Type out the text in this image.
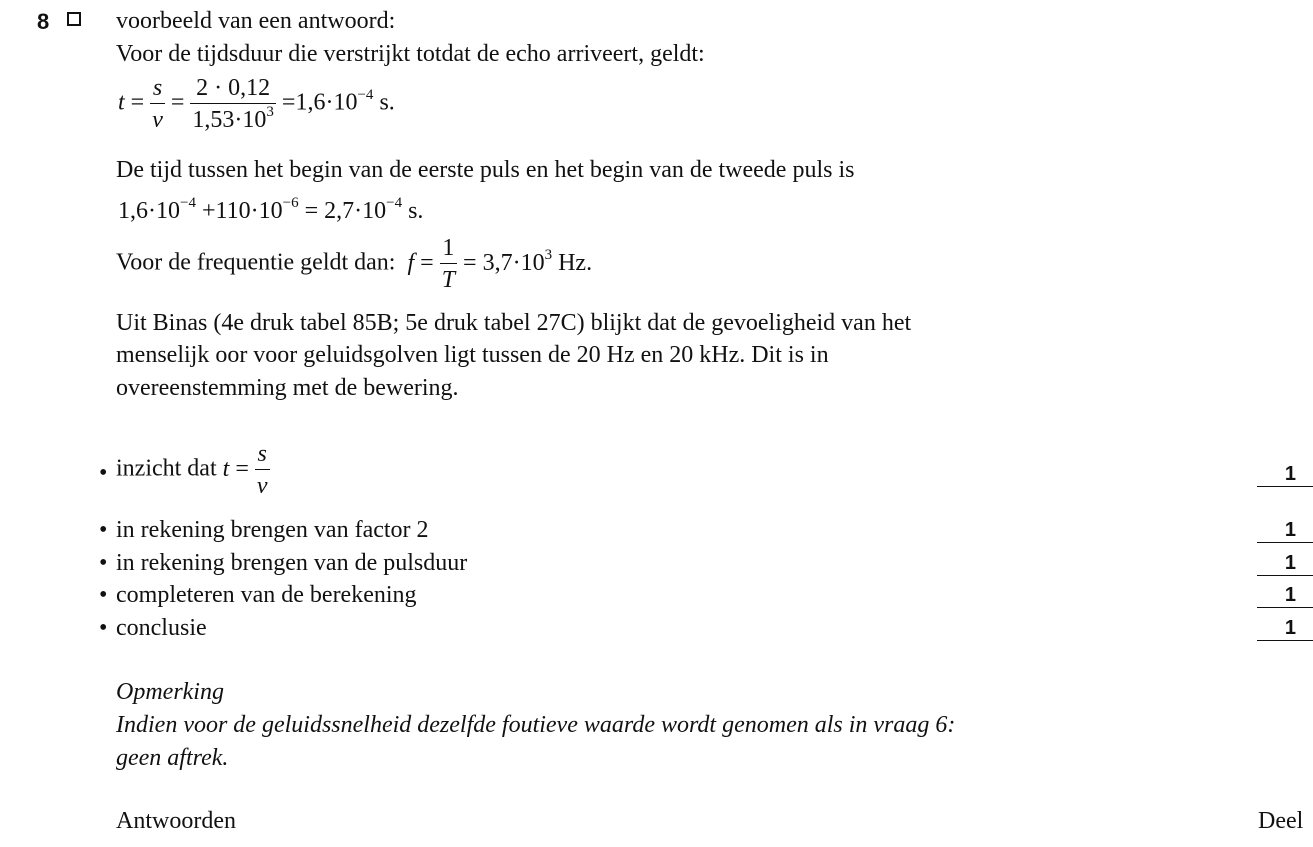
8	voorbeeld van een antwoord:
Voor de tijdsduur die verstrijkt totdat de echo arriveert, geldt:
$t = \frac{s}{v} = \frac{2 \cdot 0,12}{1,53\cdot 10^3} =1,6\cdot 10^{-4}$ s.
De tijd tussen het begin van de eerste puls en het begin van de tweede puls is
$1,6\cdot 10^{-4} +110\cdot 10^{-6} = 2,7\cdot 10^{-4}$ s.
Voor de frequentie geldt dan: $f = \frac{1}{T} = 3,7\cdot 10^3$ Hz.
Uit Binas (4e druk tabel 85B; 5e druk tabel 27C) blijkt dat de gevoeligheid van het
menselijk oor voor geluidsgolven ligt tussen de 20 Hz en 20 kHz. Dit is in
overeenstemming met de bewering.
• inzicht dat $t = \frac{s}{v}$	1
• in rekening brengen van factor 2	1
• in rekening brengen van de pulsduur	1
• completeren van de berekening	1
• conclusie	1
Opmerking
Indien voor de geluidssnelheid dezelfde foutieve waarde wordt genomen als in vraag 6:
geen aftrek.
Antwoorden	Deel
